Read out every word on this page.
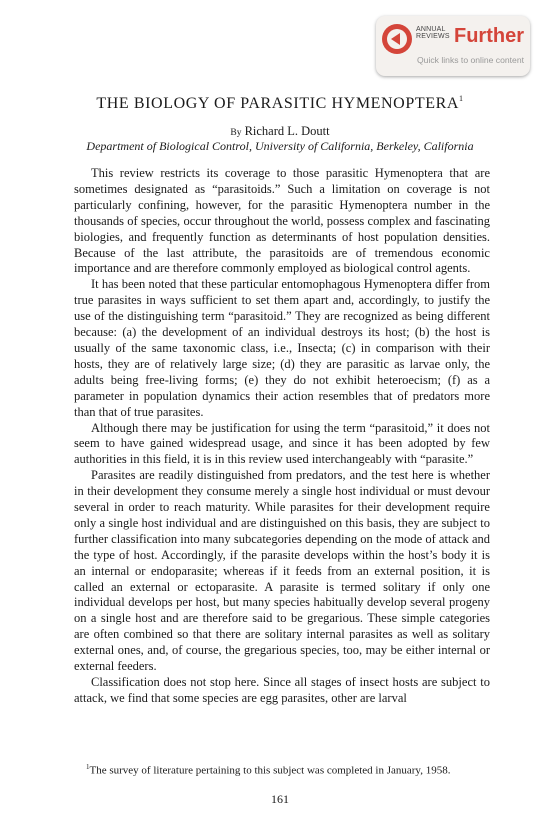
ANNUAL
REVIEWS Further
Quick links to online content
THE BIOLOGY OF PARASITIC HYMENOPTERA$^1$
By Richard L. Doutt
Department of Biological Control, University of California, Berkeley, California

This review restricts its coverage to those parasitic Hymenoptera that are sometimes designated as “parasitoids.” Such a limitation on coverage is not particularly confining, however, for the parasitic Hymenoptera number in the thousands of species, occur throughout the world, possess complex and fascinating biologies, and frequently function as determinants of host population densities. Because of the last attribute, the parasitoids are of tremendous economic importance and are therefore commonly employed as biological control agents.

It has been noted that these particular entomophagous Hymenoptera differ from true parasites in ways sufficient to set them apart and, accordingly, to justify the use of the distinguishing term “parasitoid.” They are recognized as being different because: (a) the development of an individual destroys its host; (b) the host is usually of the same taxonomic class, i.e., Insecta; (c) in comparison with their hosts, they are of relatively large size; (d) they are parasitic as larvae only, the adults being free-living forms; (e) they do not exhibit heteroecism; (f) as a parameter in population dynamics their action resembles that of predators more than that of true parasites.

Although there may be justification for using the term “parasitoid,” it does not seem to have gained widespread usage, and since it has been adopted by few authorities in this field, it is in this review used interchangeably with “parasite.”

Parasites are readily distinguished from predators, and the test here is whether in their development they consume merely a single host individual or must devour several in order to reach maturity. While parasites for their development require only a single host individual and are distinguished on this basis, they are subject to further classification into many subcategories depending on the mode of attack and the type of host. Accordingly, if the parasite develops within the host’s body it is an internal or endoparasite; whereas if it feeds from an external position, it is called an external or ectoparasite. A parasite is termed solitary if only one individual develops per host, but many species habitually develop several progeny on a single host and are therefore said to be gregarious. These simple categories are often combined so that there are solitary internal parasites as well as solitary external ones, and, of course, the gregarious species, too, may be either internal or external feeders.

Classification does not stop here. Since all stages of insect hosts are subject to attack, we find that some species are egg parasites, other are larval

$^1$The survey of literature pertaining to this subject was completed in January, 1958.

161
